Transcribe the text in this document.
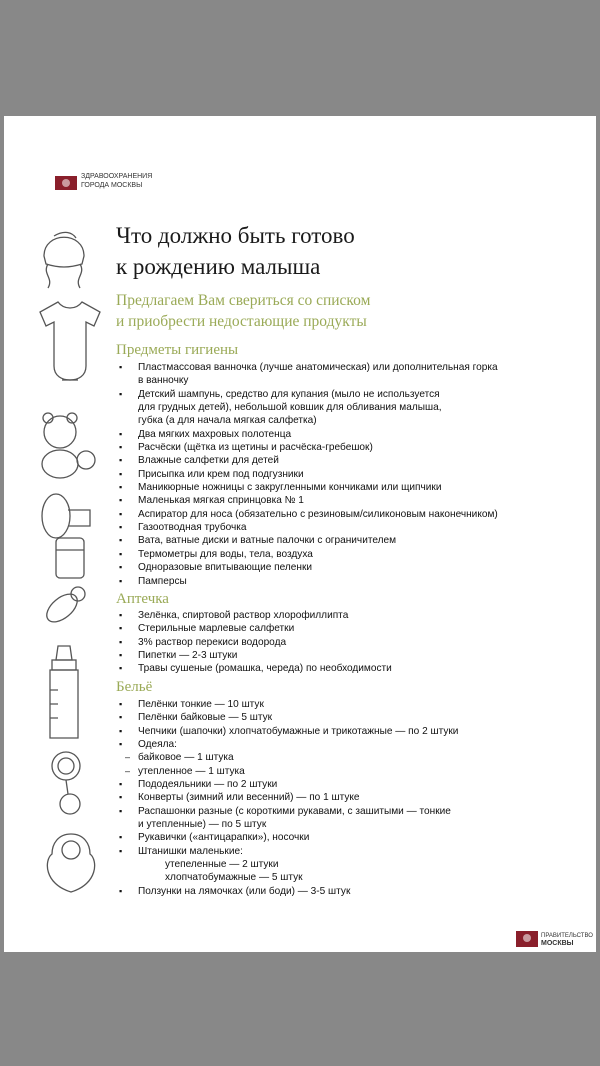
ЗДРАВООХРАНЕНИЯ
ГОРОДА МОСКВЫ
Что должно быть готово
к рождению малыша
Предлагаем Вам свериться со списком
и приобрести недостающие продукты
Предметы гигиены
▪ Пластмассовая ванночка (лучше анатомическая) или дополнительная горка
в ванночку
▪ Детский шампунь, средство для купания (мыло не используется
для грудных детей), небольшой ковшик для обливания малыша,
губка (а для начала мягкая салфетка)
▪ Два мягких махровых полотенца
▪ Расчёски (щётка из щетины и расчёска-гребешок)
▪ Влажные салфетки для детей
▪ Присыпка или крем под подгузники
▪ Маникюрные ножницы с закругленными кончиками или щипчики
▪ Маленькая мягкая спринцовка № 1
▪ Аспиратор для носа (обязательно с резиновым/силиконовым наконечником)
▪ Газоотводная трубочка
▪ Вата, ватные диски и ватные палочки с ограничителем
▪ Термометры для воды, тела, воздуха
▪ Одноразовые впитывающие пеленки
▪ Памперсы
Аптечка
▪ Зелёнка, спиртовой раствор хлорофиллипта
▪ Стерильные марлевые салфетки
▪ 3% раствор перекиси водорода
▪ Пипетки — 2-3 штуки
▪ Травы сушеные (ромашка, череда) по необходимости
Бельё
▪ Пелёнки тонкие — 10 штук
▪ Пелёнки байковые — 5 штук
▪ Чепчики (шапочки) хлопчатобумажные и трикотажные — по 2 штуки
▪ Одеяла:
– байковое — 1 штука
– утепленное — 1 штука
▪ Пододеяльники — по 2 штуки
▪ Конверты (зимний или весенний) — по 1 штуке
▪ Распашонки разные (с короткими рукавами, с зашитыми — тонкие
и утепленные) — по 5 штук
▪ Рукавички («антицарапки»), носочки
▪ Штанишки маленькие:
утепеленные — 2 штуки
хлопчатобумажные — 5 штук
▪ Ползунки на лямочках (или боди) — 3-5 штук
ПРАВИТЕЛЬСТВО
МОСКВЫ
